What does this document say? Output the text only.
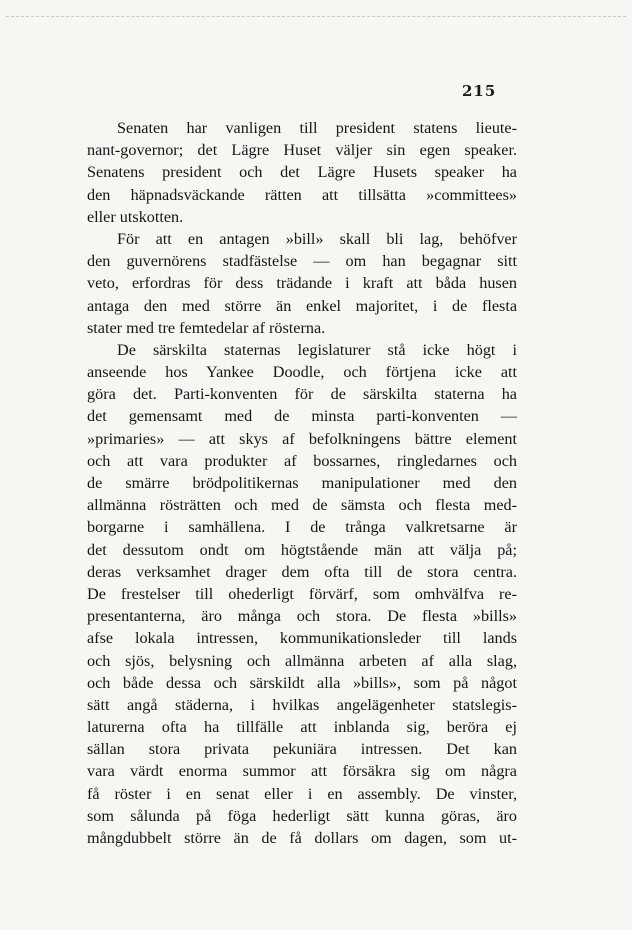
215
Senaten har vanligen till president statens lieute-
nant-governor; det Lägre Huset väljer sin egen speaker.
Senatens president och det Lägre Husets speaker ha
den häpnadsväckande rätten att tillsätta »committees»
eller utskotten.
För att en antagen »bill» skall bli lag, behöfver
den guvernörens stadfästelse — om han begagnar sitt
veto, erfordras för dess trädande i kraft att båda husen
antaga den med större än enkel majoritet, i de flesta
stater med tre femtedelar af rösterna.
De särskilta staternas legislaturer stå icke högt i
anseende hos Yankee Doodle, och förtjena icke att
göra det. Parti-konventen för de särskilta staterna ha
det gemensamt med de minsta parti-konventen —
»primaries» — att skys af befolkningens bättre element
och att vara produkter af bossarnes, ringledarnes och
de smärre brödpolitikernas manipulationer med den
allmänna rösträtten och med de sämsta och flesta med-
borgarne i samhällena. I de trånga valkretsarne är
det dessutom ondt om högtstående män att välja på;
deras verksamhet drager dem ofta till de stora centra.
De frestelser till ohederligt förvärf, som omhvälfva re-
presentanterna, äro många och stora. De flesta »bills»
afse lokala intressen, kommunikationsleder till lands
och sjös, belysning och allmänna arbeten af alla slag,
och både dessa och särskildt alla »bills», som på något
sätt angå städerna, i hvilkas angelägenheter statslegis-
laturerna ofta ha tillfälle att inblanda sig, beröra ej
sällan stora privata pekuniära intressen. Det kan
vara värdt enorma summor att försäkra sig om några
få röster i en senat eller i en assembly. De vinster,
som sålunda på föga hederligt sätt kunna göras, äro
mångdubbelt större än de få dollars om dagen, som ut-
